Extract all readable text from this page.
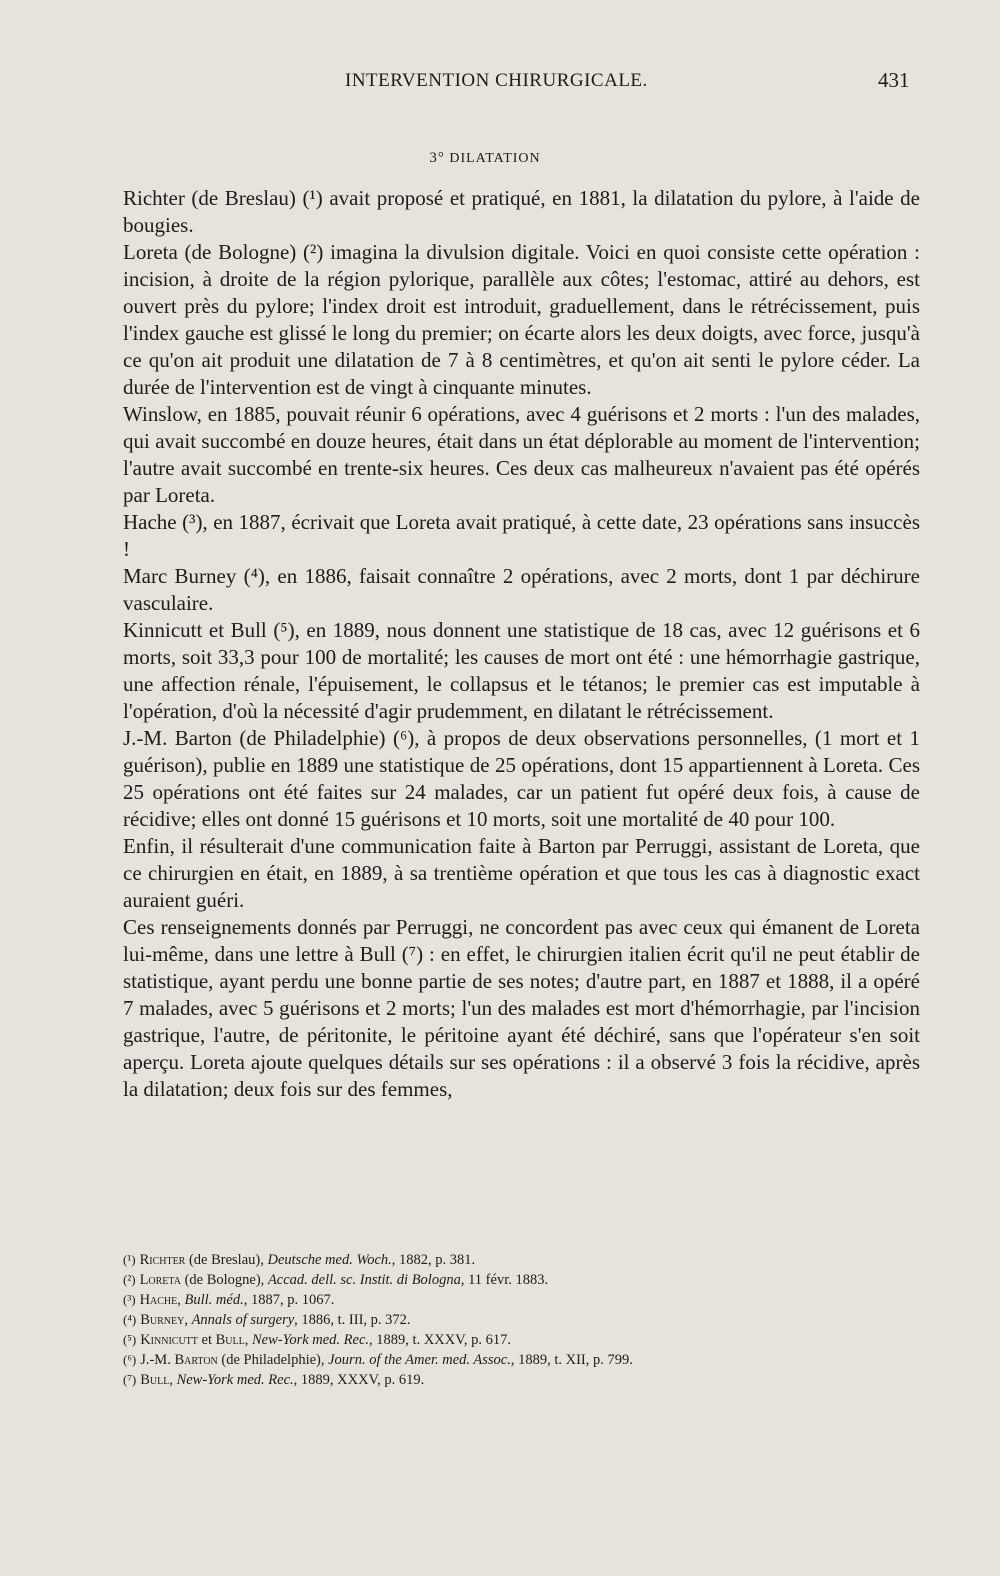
INTERVENTION CHIRURGICALE.	431
3° DILATATION

Richter (de Breslau) (¹) avait proposé et pratiqué, en 1881, la dilatation du pylore, à l'aide de bougies.

Loreta (de Bologne) (²) imagina la divulsion digitale. Voici en quoi consiste cette opération : incision, à droite de la région pylorique, parallèle aux côtes; l'estomac, attiré au dehors, est ouvert près du pylore; l'index droit est introduit, graduellement, dans le rétrécissement, puis l'index gauche est glissé le long du premier; on écarte alors les deux doigts, avec force, jusqu'à ce qu'on ait produit une dilatation de 7 à 8 centimètres, et qu'on ait senti le pylore céder. La durée de l'intervention est de vingt à cinquante minutes.

Winslow, en 1885, pouvait réunir 6 opérations, avec 4 guérisons et 2 morts : l'un des malades, qui avait succombé en douze heures, était dans un état déplorable au moment de l'intervention; l'autre avait succombé en trente-six heures. Ces deux cas malheureux n'avaient pas été opérés par Loreta.

Hache (³), en 1887, écrivait que Loreta avait pratiqué, à cette date, 23 opérations sans insuccès !

Marc Burney (⁴), en 1886, faisait connaître 2 opérations, avec 2 morts, dont 1 par déchirure vasculaire.

Kinnicutt et Bull (⁵), en 1889, nous donnent une statistique de 18 cas, avec 12 guérisons et 6 morts, soit 33,3 pour 100 de mortalité; les causes de mort ont été : une hémorrhagie gastrique, une affection rénale, l'épuisement, le collapsus et le tétanos; le premier cas est imputable à l'opération, d'où la nécessité d'agir prudemment, en dilatant le rétrécissement.

J.-M. Barton (de Philadelphie) (⁶), à propos de deux observations personnelles, (1 mort et 1 guérison), publie en 1889 une statistique de 25 opérations, dont 15 appartiennent à Loreta. Ces 25 opérations ont été faites sur 24 malades, car un patient fut opéré deux fois, à cause de récidive; elles ont donné 15 guérisons et 10 morts, soit une mortalité de 40 pour 100.

Enfin, il résulterait d'une communication faite à Barton par Perruggi, assistant de Loreta, que ce chirurgien en était, en 1889, à sa trentième opération et que tous les cas à diagnostic exact auraient guéri.

Ces renseignements donnés par Perruggi, ne concordent pas avec ceux qui émanent de Loreta lui-même, dans une lettre à Bull (⁷) : en effet, le chirurgien italien écrit qu'il ne peut établir de statistique, ayant perdu une bonne partie de ses notes; d'autre part, en 1887 et 1888, il a opéré 7 malades, avec 5 guérisons et 2 morts; l'un des malades est mort d'hémorrhagie, par l'incision gastrique, l'autre, de péritonite, le péritoine ayant été déchiré, sans que l'opérateur s'en soit aperçu. Loreta ajoute quelques détails sur ses opérations : il a observé 3 fois la récidive, après la dilatation; deux fois sur des femmes,

(¹) Richter (de Breslau), Deutsche med. Woch., 1882, p. 381.
(²) Loreta (de Bologne), Accad. dell. sc. Instit. di Bologna, 11 févr. 1883.
(³) Hache, Bull. méd., 1887, p. 1067.
(⁴) Burney, Annals of surgery, 1886, t. III, p. 372.
(⁵) Kinnicutt et Bull, New-York med. Rec., 1889, t. XXXV, p. 617.
(⁶) J.-M. Barton (de Philadelphie), Journ. of the Amer. med. Assoc., 1889, t. XII, p. 799.
(⁷) Bull, New-York med. Rec., 1889, XXXV, p. 619.
